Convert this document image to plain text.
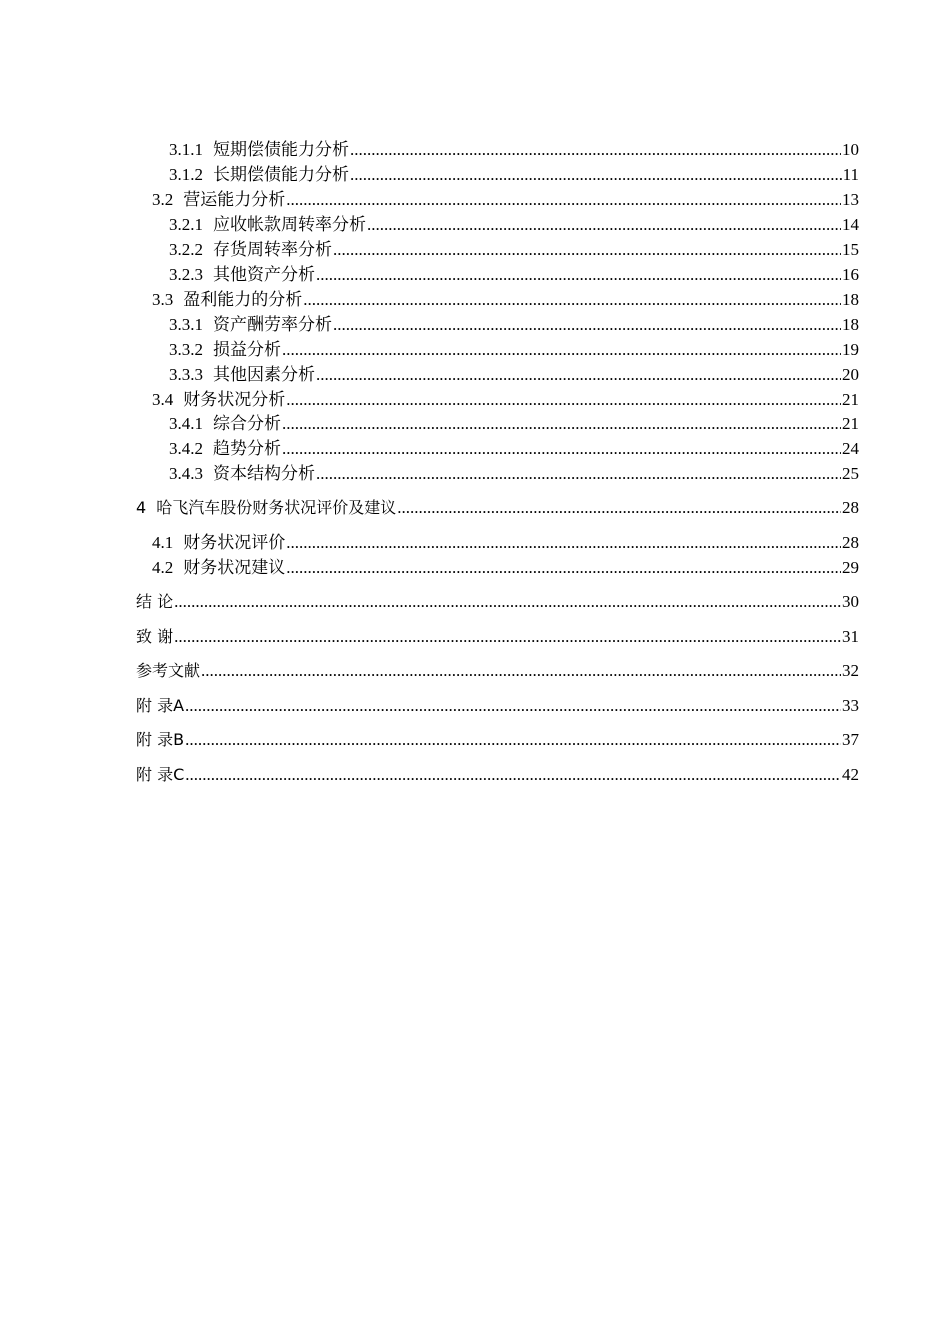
3.1.1 短期偿债能力分析 .....	10
3.1.2 长期偿债能力分析 .....	11
3.2 营运能力分析 .....	13
3.2.1 应收帐款周转率分析 .....	14
3.2.2 存货周转率分析 .....	15
3.2.3 其他资产分析 .....	16
3.3 盈利能力的分析 .....	18
3.3.1 资产酬劳率分析 .....	18
3.3.2 损益分析 .....	19
3.3.3 其他因素分析 .....	20
3.4 财务状况分析 .....	21
3.4.1 综合分析 .....	21
3.4.2 趋势分析 .....	24
3.4.3 资本结构分析 .....	25
4 哈飞汽车股份财务状况评价及建议 .....	28
4.1 财务状况评价 .....	28
4.2 财务状况建议 .....	29
结 论 .....	30
致 谢 .....	31
参考文献 .....	32
附 录A .....	33
附 录B .....	37
附 录C .....	42
